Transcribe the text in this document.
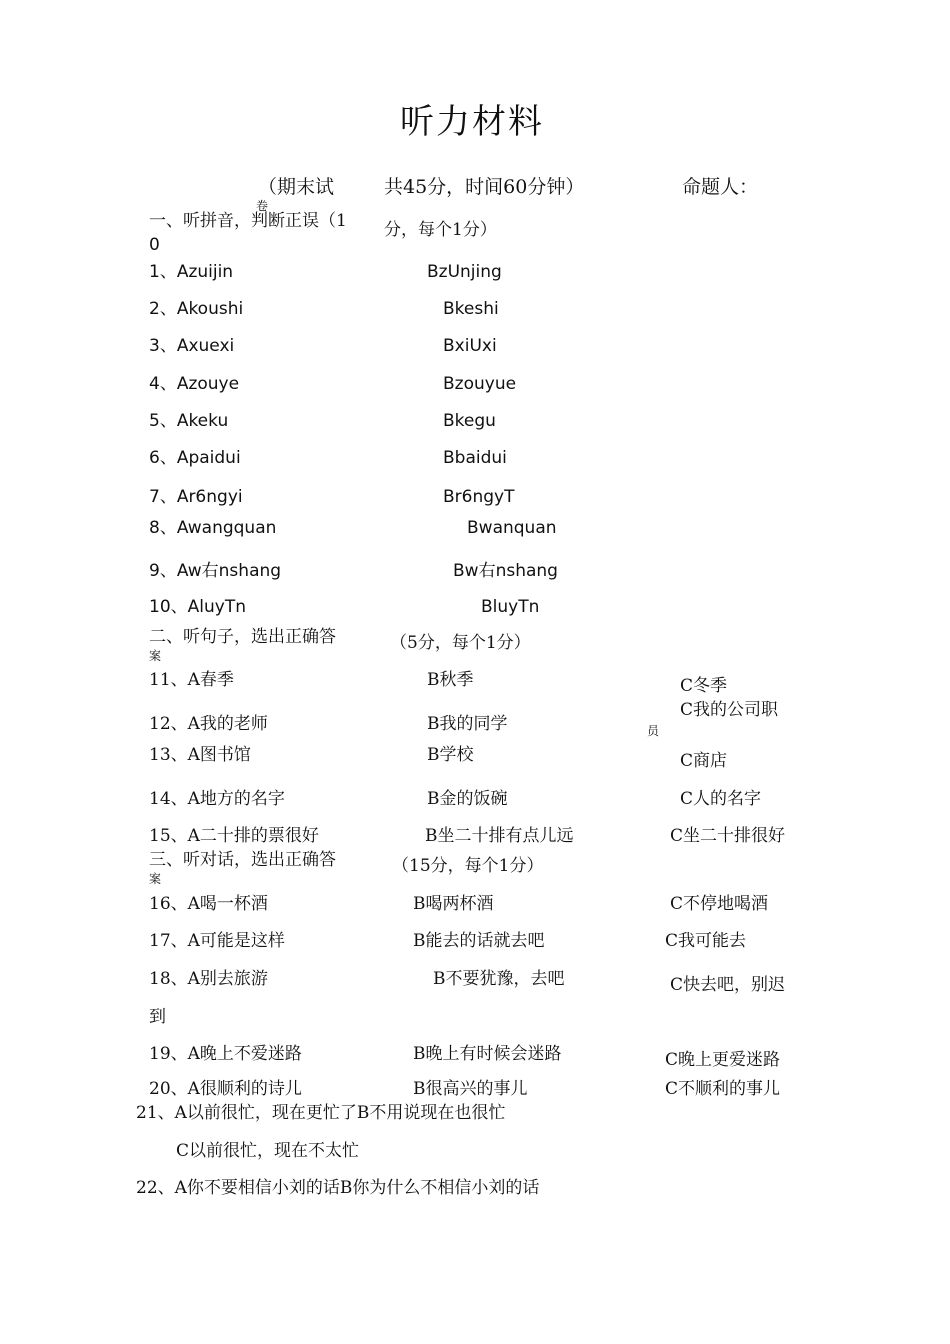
听力材料
（期末试
卷
共45分，时间60分钟）	命题人：
一、听拼音，判断正误（1
0
分，每个1分）
1、Azuijin	BzUnjing
2、Akoushi	Bkeshi
3、Axuexi	BxiUxi
4、Azouye	Bzouyue
5、Akeku	Bkegu
6、Apaidui	Bbaidui
7、Ar6ngyi	Br6ngyT
8、Awangquan	Bwanquan
9、Aw右nshang	Bw右nshang
10、AluyTn	BluyTn
二、听句子，选出正确答
案
（5分，每个1分）
11、A春季	B秋季	C冬季
12、A我的老师	B我的同学
C我的公司职
员
13、A图书馆	B学校	C商店
14、A地方的名字	B金的饭碗	C人的名字
15、A二十排的票很好	B坐二十排有点儿远	C坐二十排很好
三、听对话，选出正确答
案
（15分，每个1分）
16、A喝一杯酒	B喝两杯酒	C不停地喝酒
17、A可能是这样	B能去的话就去吧	C我可能去
18、A别去旅游	B不要犹豫，去吧	C快去吧，别迟
到
19、A晚上不爱迷路	B晚上有时候会迷路	C晚上更爱迷路
20、A很顺利的诗儿	B很高兴的事儿	C不顺利的事儿
21、A以前很忙，现在更忙了B不用说现在也很忙
C以前很忙，现在不太忙
22、A你不要相信小刘的话B你为什么不相信小刘的话
